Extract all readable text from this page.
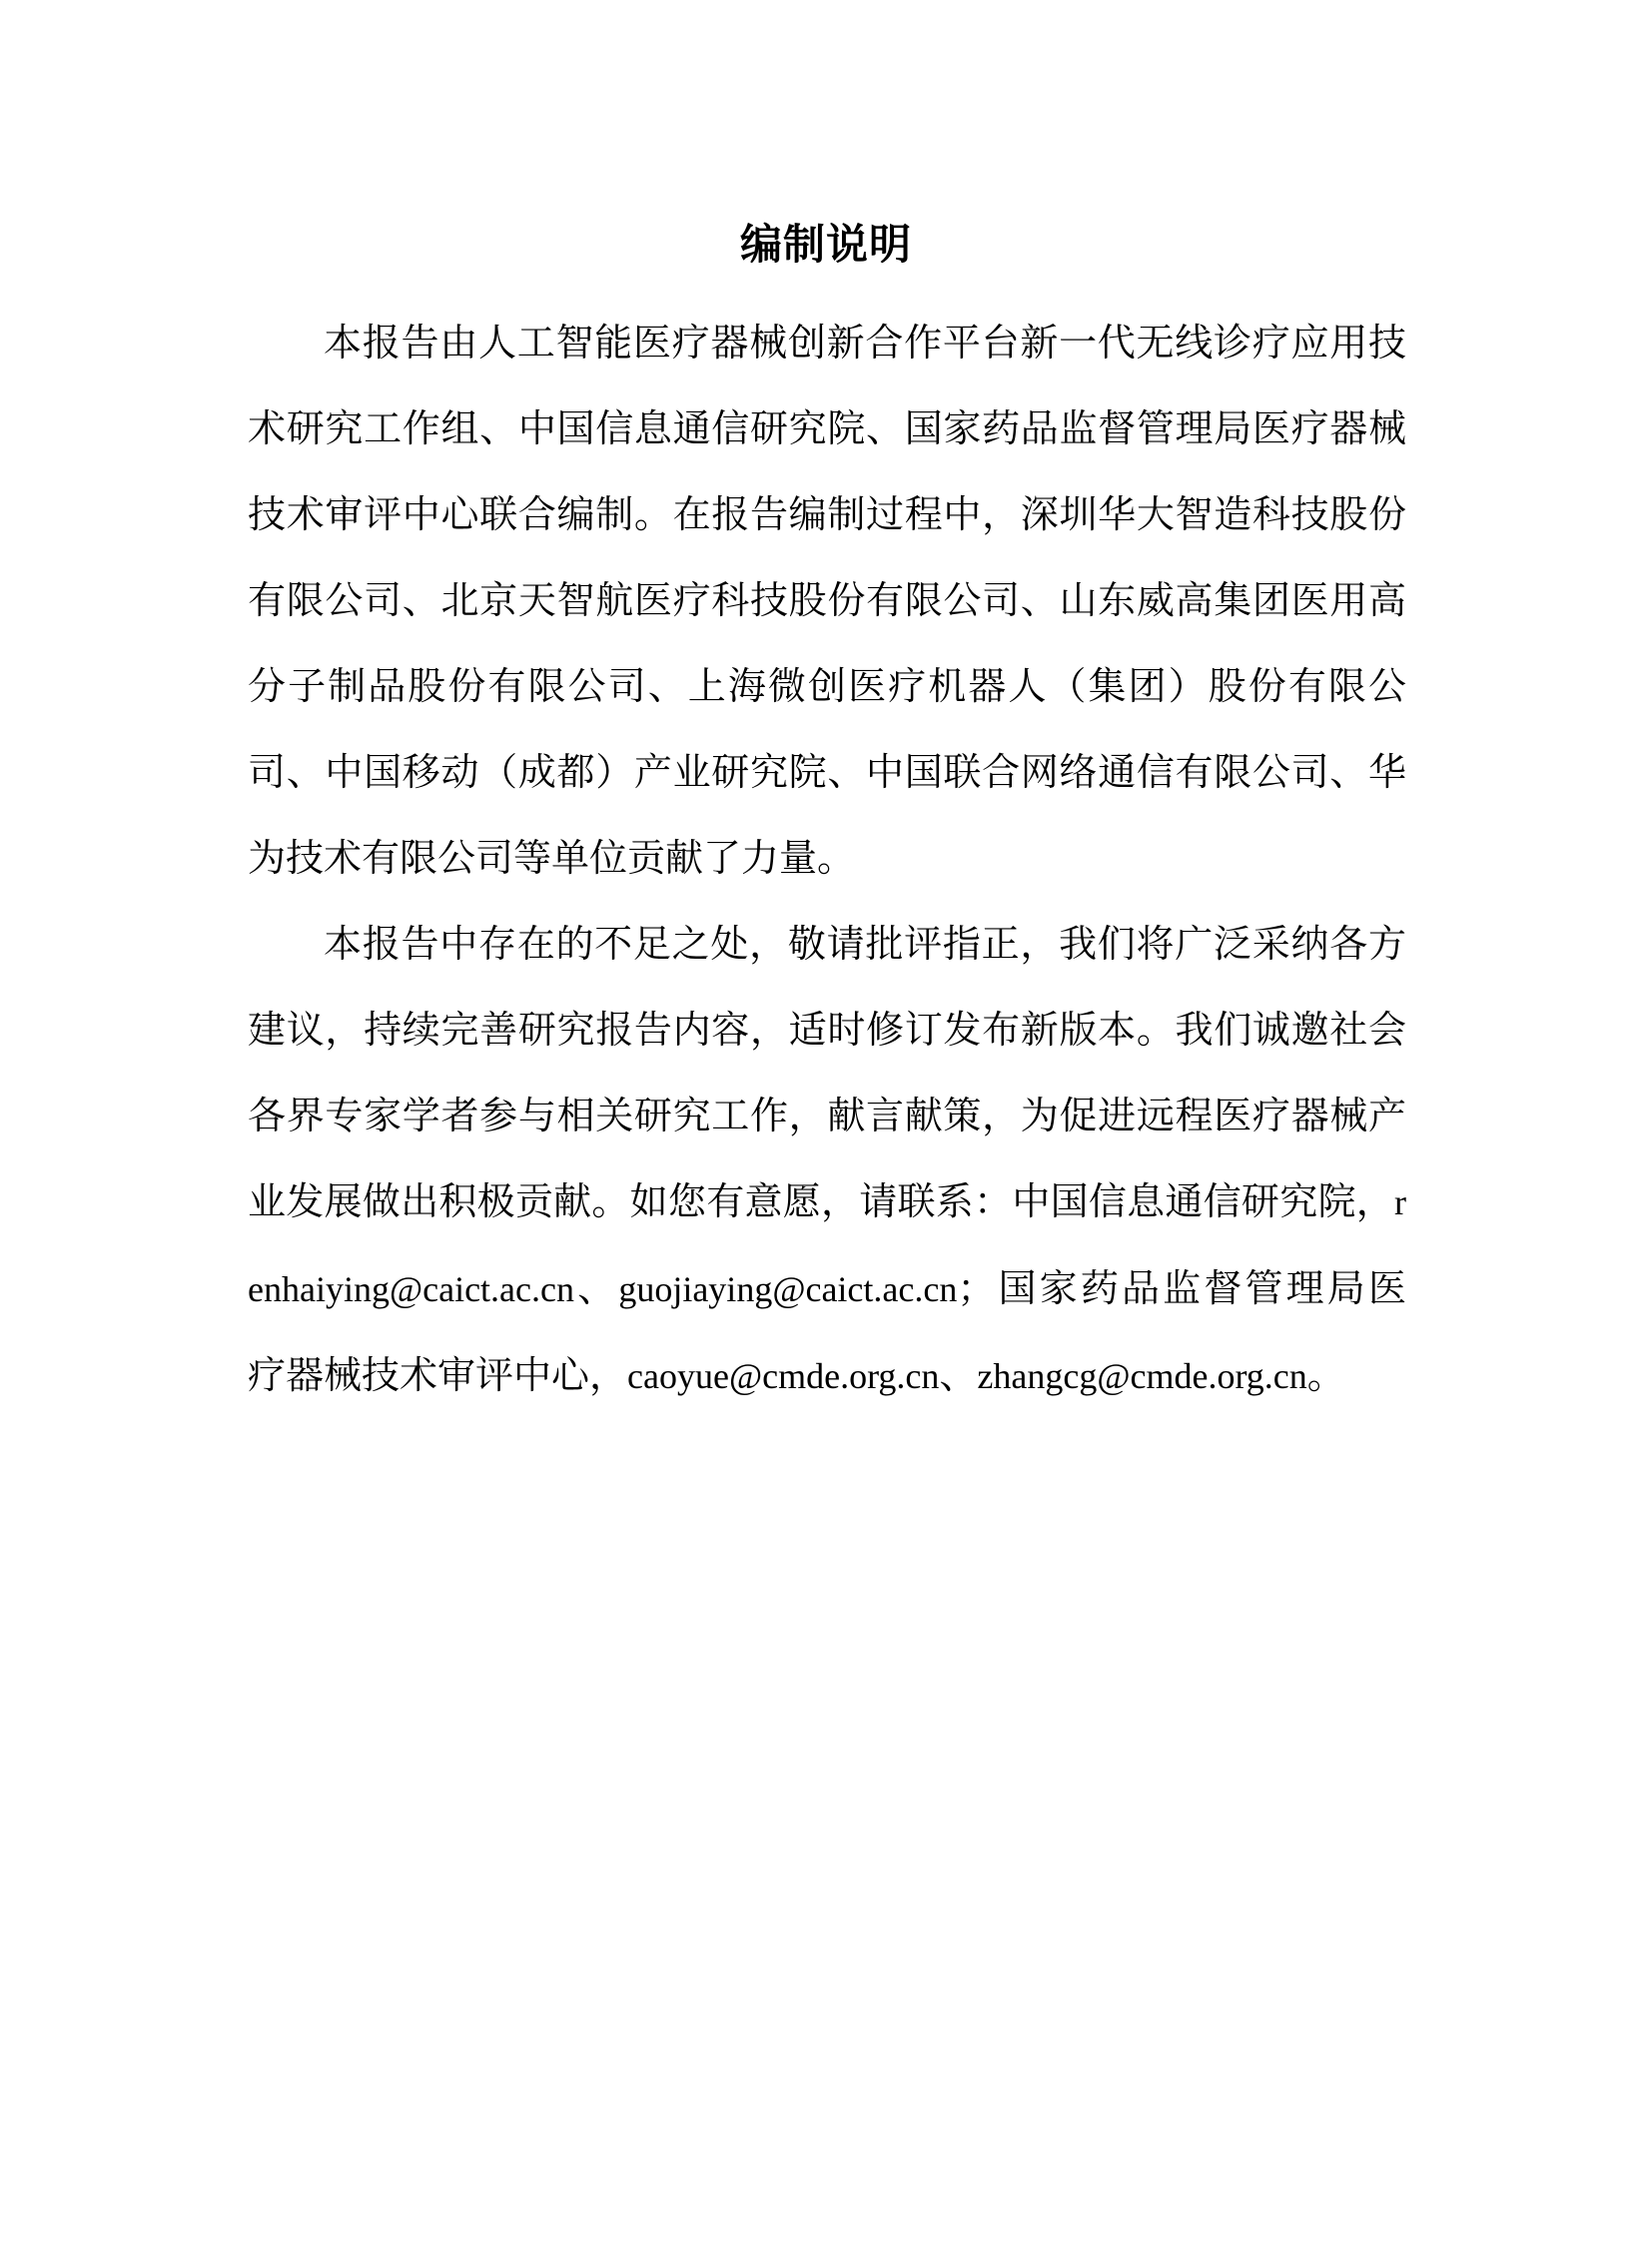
编制说明

本报告由人工智能医疗器械创新合作平台新一代无线诊疗应用技术研究工作组、中国信息通信研究院、国家药品监督管理局医疗器械技术审评中心联合编制。在报告编制过程中，深圳华大智造科技股份有限公司、北京天智航医疗科技股份有限公司、山东威高集团医用高分子制品股份有限公司、上海微创医疗机器人（集团）股份有限公司、中国移动（成都）产业研究院、中国联合网络通信有限公司、华为技术有限公司等单位贡献了力量。

本报告中存在的不足之处，敬请批评指正，我们将广泛采纳各方建议，持续完善研究报告内容，适时修订发布新版本。我们诚邀社会各界专家学者参与相关研究工作，献言献策，为促进远程医疗器械产业发展做出积极贡献。如您有意愿，请联系：中国信息通信研究院，renhaiying@caict.ac.cn、guojiaying@caict.ac.cn；国家药品监督管理局医疗器械技术审评中心，caoyue@cmde.org.cn、zhangcg@cmde.org.cn。
